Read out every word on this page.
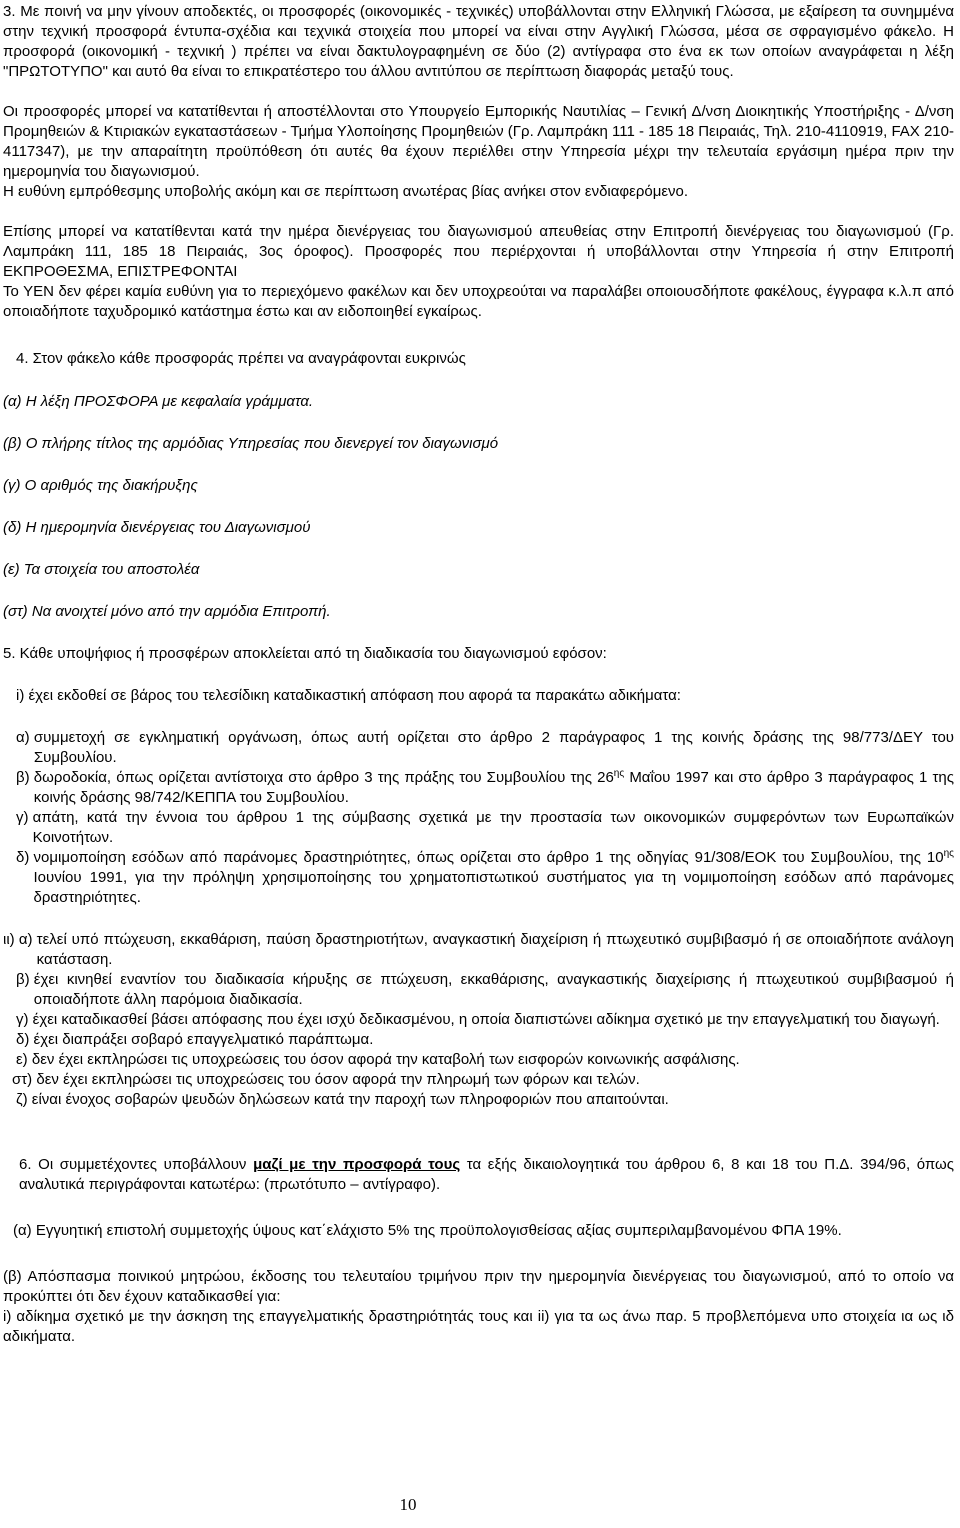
3. Με ποινή να μην γίνουν αποδεκτές, οι προσφορές (οικονομικές - τεχνικές) υποβάλλονται στην Ελληνική Γλώσσα, με εξαίρεση τα συνημμένα στην τεχνική προσφορά έντυπα-σχέδια και τεχνικά στοιχεία που μπορεί να είναι στην Αγγλική Γλώσσα, μέσα σε σφραγισμένο φάκελο. Η προσφορά (οικονομική - τεχνική ) πρέπει να είναι δακτυλογραφημένη σε δύο (2) αντίγραφα στο ένα εκ των οποίων αναγράφεται η λέξη "ΠΡΩΤΟΤΥΠΟ" και αυτό θα είναι το επικρατέστερο του άλλου αντιτύπου σε περίπτωση διαφοράς μεταξύ τους.

Οι προσφορές μπορεί να κατατίθενται ή αποστέλλονται στο Υπουργείο Εμπορικής Ναυτιλίας – Γενική Δ/νση Διοικητικής Υποστήριξης - Δ/νση Προμηθειών & Κτιριακών εγκαταστάσεων - Τμήμα Υλοποίησης Προμηθειών (Γρ. Λαμπράκη 111 - 185 18 Πειραιάς, Τηλ. 210-4110919, FAX 210-4117347), με την απαραίτητη προϋπόθεση ότι αυτές θα έχουν περιέλθει στην Υπηρεσία μέχρι την τελευταία εργάσιμη ημέρα πριν την ημερομηνία του διαγωνισμού.

Η ευθύνη εμπρόθεσμης υποβολής ακόμη και σε περίπτωση ανωτέρας βίας ανήκει στον ενδιαφερόμενο.

Επίσης μπορεί να κατατίθενται κατά την ημέρα διενέργειας του διαγωνισμού απευθείας στην Επιτροπή διενέργειας του διαγωνισμού (Γρ. Λαμπράκη 111, 185 18 Πειραιάς, 3ος όροφος). Προσφορές που περιέρχονται ή υποβάλλονται στην Υπηρεσία ή στην Επιτροπή ΕΚΠΡΟΘΕΣΜΑ, ΕΠΙΣΤΡΕΦΟΝΤΑΙ

Το ΥΕΝ δεν φέρει καμία ευθύνη για το περιεχόμενο φακέλων και δεν υποχρεούται να παραλάβει οποιουσδήποτε φακέλους, έγγραφα κ.λ.π από οποιαδήποτε ταχυδρομικό κατάστημα έστω και αν ειδοποιηθεί εγκαίρως.

4. Στον φάκελο κάθε προσφοράς πρέπει να αναγράφονται ευκρινώς

(α) Η λέξη ΠΡΟΣΦΟΡΑ με κεφαλαία γράμματα.

(β) Ο πλήρης τίτλος της αρμόδιας Υπηρεσίας που διενεργεί τον διαγωνισμό

(γ) Ο αριθμός της διακήρυξης

(δ) Η ημερομηνία διενέργειας του Διαγωνισμού

(ε) Τα στοιχεία του αποστολέα

(στ) Να ανοιχτεί μόνο από την αρμόδια Επιτροπή.

5. Κάθε υποψήφιος ή προσφέρων αποκλείεται από τη διαδικασία του διαγωνισμού εφόσον:

i) έχει εκδοθεί σε βάρος του τελεσίδικη καταδικαστική απόφαση που αφορά τα παρακάτω αδικήματα:

α) συμμετοχή σε εγκληματική οργάνωση, όπως αυτή ορίζεται στο άρθρο 2 παράγραφος 1 της κοινής δράσης της 98/773/ΔΕΥ του Συμβουλίου.
β) δωροδοκία, όπως ορίζεται αντίστοιχα στο άρθρο 3 της πράξης του Συμβουλίου της $26^{\eta\varsigma}$ Μαΐου 1997 και στο άρθρο 3 παράγραφος 1 της κοινής δράσης 98/742/ΚΕΠΠΑ του Συμβουλίου.
γ) απάτη, κατά την έννοια του άρθρου 1 της σύμβασης σχετικά με την προστασία των οικονομικών συμφερόντων των Ευρωπαϊκών Κοινοτήτων.
δ) νομιμοποίηση εσόδων από παράνομες δραστηριότητες, όπως ορίζεται στο άρθρο 1 της οδηγίας 91/308/ΕΟΚ του Συμβουλίου, της $10^{\eta\varsigma}$ Ιουνίου 1991, για την πρόληψη χρησιμοποίησης του χρηματοπιστωτικού συστήματος για τη νομιμοποίηση εσόδων από παράνομες δραστηριότητες.
ιι) α) τελεί υπό πτώχευση, εκκαθάριση, παύση δραστηριοτήτων, αναγκαστική διαχείριση ή πτωχευτικό συμβιβασμό ή σε οποιαδήποτε ανάλογη κατάσταση.
β) έχει κινηθεί εναντίον του διαδικασία κήρυξης σε πτώχευση, εκκαθάρισης, αναγκαστικής διαχείρισης ή πτωχευτικού συμβιβασμού ή οποιαδήποτε άλλη παρόμοια διαδικασία.
γ) έχει καταδικασθεί βάσει απόφασης που έχει ισχύ δεδικασμένου, η οποία διαπιστώνει αδίκημα σχετικό με την επαγγελματική του διαγωγή.
δ) έχει διαπράξει σοβαρό επαγγελματικό παράπτωμα.
ε) δεν έχει εκπληρώσει τις υποχρεώσεις του όσον αφορά την καταβολή των εισφορών κοινωνικής ασφάλισης.
στ) δεν έχει εκπληρώσει τις υποχρεώσεις του όσον αφορά την πληρωμή των φόρων και τελών.
ζ) είναι ένοχος σοβαρών ψευδών δηλώσεων κατά την παροχή των πληροφοριών που απαιτούνται.

6. Οι συμμετέχοντες υποβάλλουν μαζί με την προσφορά τους τα εξής δικαιολογητικά του άρθρου 6, 8 και 18 του Π.Δ. 394/96, όπως αναλυτικά περιγράφονται κατωτέρω: (πρωτότυπο – αντίγραφο).

(α) Εγγυητική επιστολή συμμετοχής ύψους κατ΄ελάχιστο 5% της προϋπολογισθείσας αξίας συμπεριλαμβανομένου ΦΠΑ 19%.

(β) Απόσπασμα ποινικού μητρώου, έκδοσης του τελευταίου τριμήνου πριν την ημερομηνία διενέργειας του διαγωνισμού, από το οποίο να προκύπτει ότι δεν έχουν καταδικασθεί για:

i) αδίκημα σχετικό με την άσκηση της επαγγελματικής δραστηριότητάς τους και ii) για τα ως άνω παρ. 5 προβλεπόμενα υπο στοιχεία ια ως ιδ αδικήματα.

10
